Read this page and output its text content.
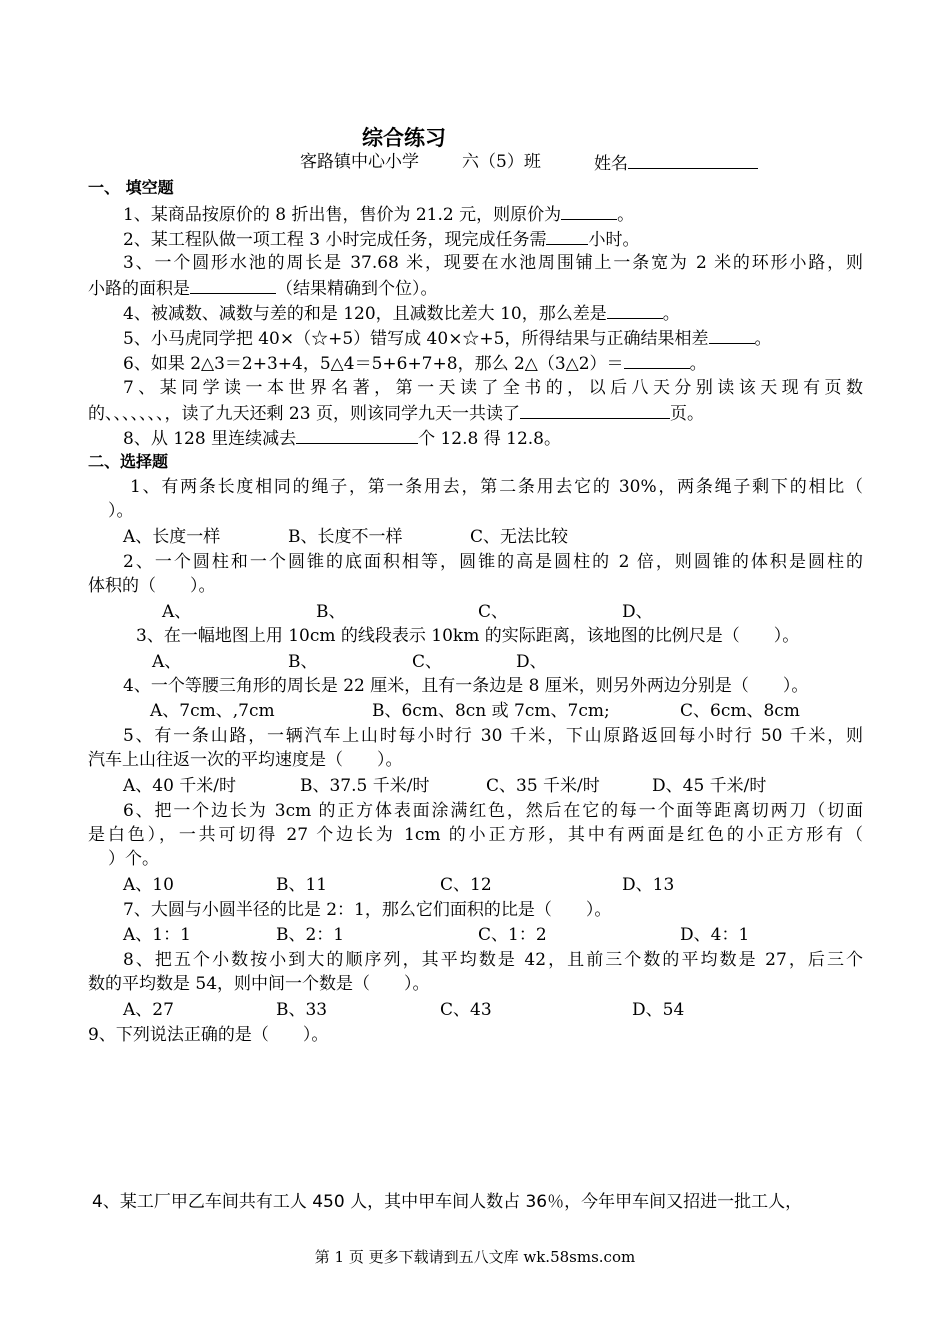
综合练习
客路镇中心小学	六（5）班	姓名
一、 填空题
1、某商品按原价的 8 折出售，售价为 21.2 元，则原价为	。
2、某工程队做一项工程 3 小时完成任务，现完成任务需 小时。
3、一个圆形水池的周长是 37.68 米，现要在水池周围铺上一条宽为 2 米的环形小路，则
小路的面积是	（结果精确到个位）。
4、被减数、减数与差的和是 120，且减数比差大 10，那么差是	。
5、小马虎同学把 40×（☆+5）错写成 40×☆+5，所得结果与正确结果相差	。
6、如果 2△3＝2+3+4，5△4＝5+6+7+8，那么 2△（3△2）＝	。
7、某同学读一本世界名著，第一天读了全书的，以后八天分别读该天现有页数
的、、、、、、、，读了九天还剩 23 页，则该同学九天一共读了	页。
8、从 128 里连续减去	个 12.8 得 12.8。
二、选择题
1、有两条长度相同的绳子，第一条用去，第二条用去它的 30%，两条绳子剩下的相比（
）。
A、长度一样	B、长度不一样	C、无法比较
2、一个圆柱和一个圆锥的底面积相等，圆锥的高是圆柱的 2 倍，则圆锥的体积是圆柱的
体积的（　　）。
A、	B、	C、	D、
3、在一幅地图上用 10cm 的线段表示 10km 的实际距离，该地图的比例尺是（　　）。
A、	B、	C、	D、
4、一个等腰三角形的周长是 22 厘米，且有一条边是 8 厘米，则另外两边分别是（　　）。
A、7cm、,7cm	B、6cm、8cn 或 7cm、7cm;	C、6cm、8cm
5、有一条山路，一辆汽车上山时每小时行 30 千米，下山原路返回每小时行 50 千米，则
汽车上山往返一次的平均速度是（　　）。
A、40 千米/时	B、37.5 千米/时	C、35 千米/时	D、45 千米/时
6、把一个边长为 3cm 的正方体表面涂满红色，然后在它的每一个面等距离切两刀（切面
是白色），一共可切得 27 个边长为 1cm 的小正方形，其中有两面是红色的小正方形有（
）个。
A、10	B、11	C、12	D、13
7、大圆与小圆半径的比是 2：1，那么它们面积的比是（　　）。
A、1：1	B、2：1	C、1：2	D、4：1
8、把五个小数按小到大的顺序列，其平均数是 42，且前三个数的平均数是 27，后三个
数的平均数是 54，则中间一个数是（　　）。
A、27	B、33	C、43	D、54
9、下列说法正确的是（　　）。
4、某工厂甲乙车间共有工人 450 人，其中甲车间人数占 36％，今年甲车间又招进一批工人，
第 1 页 更多下载请到五八文库 wk.58sms.com
